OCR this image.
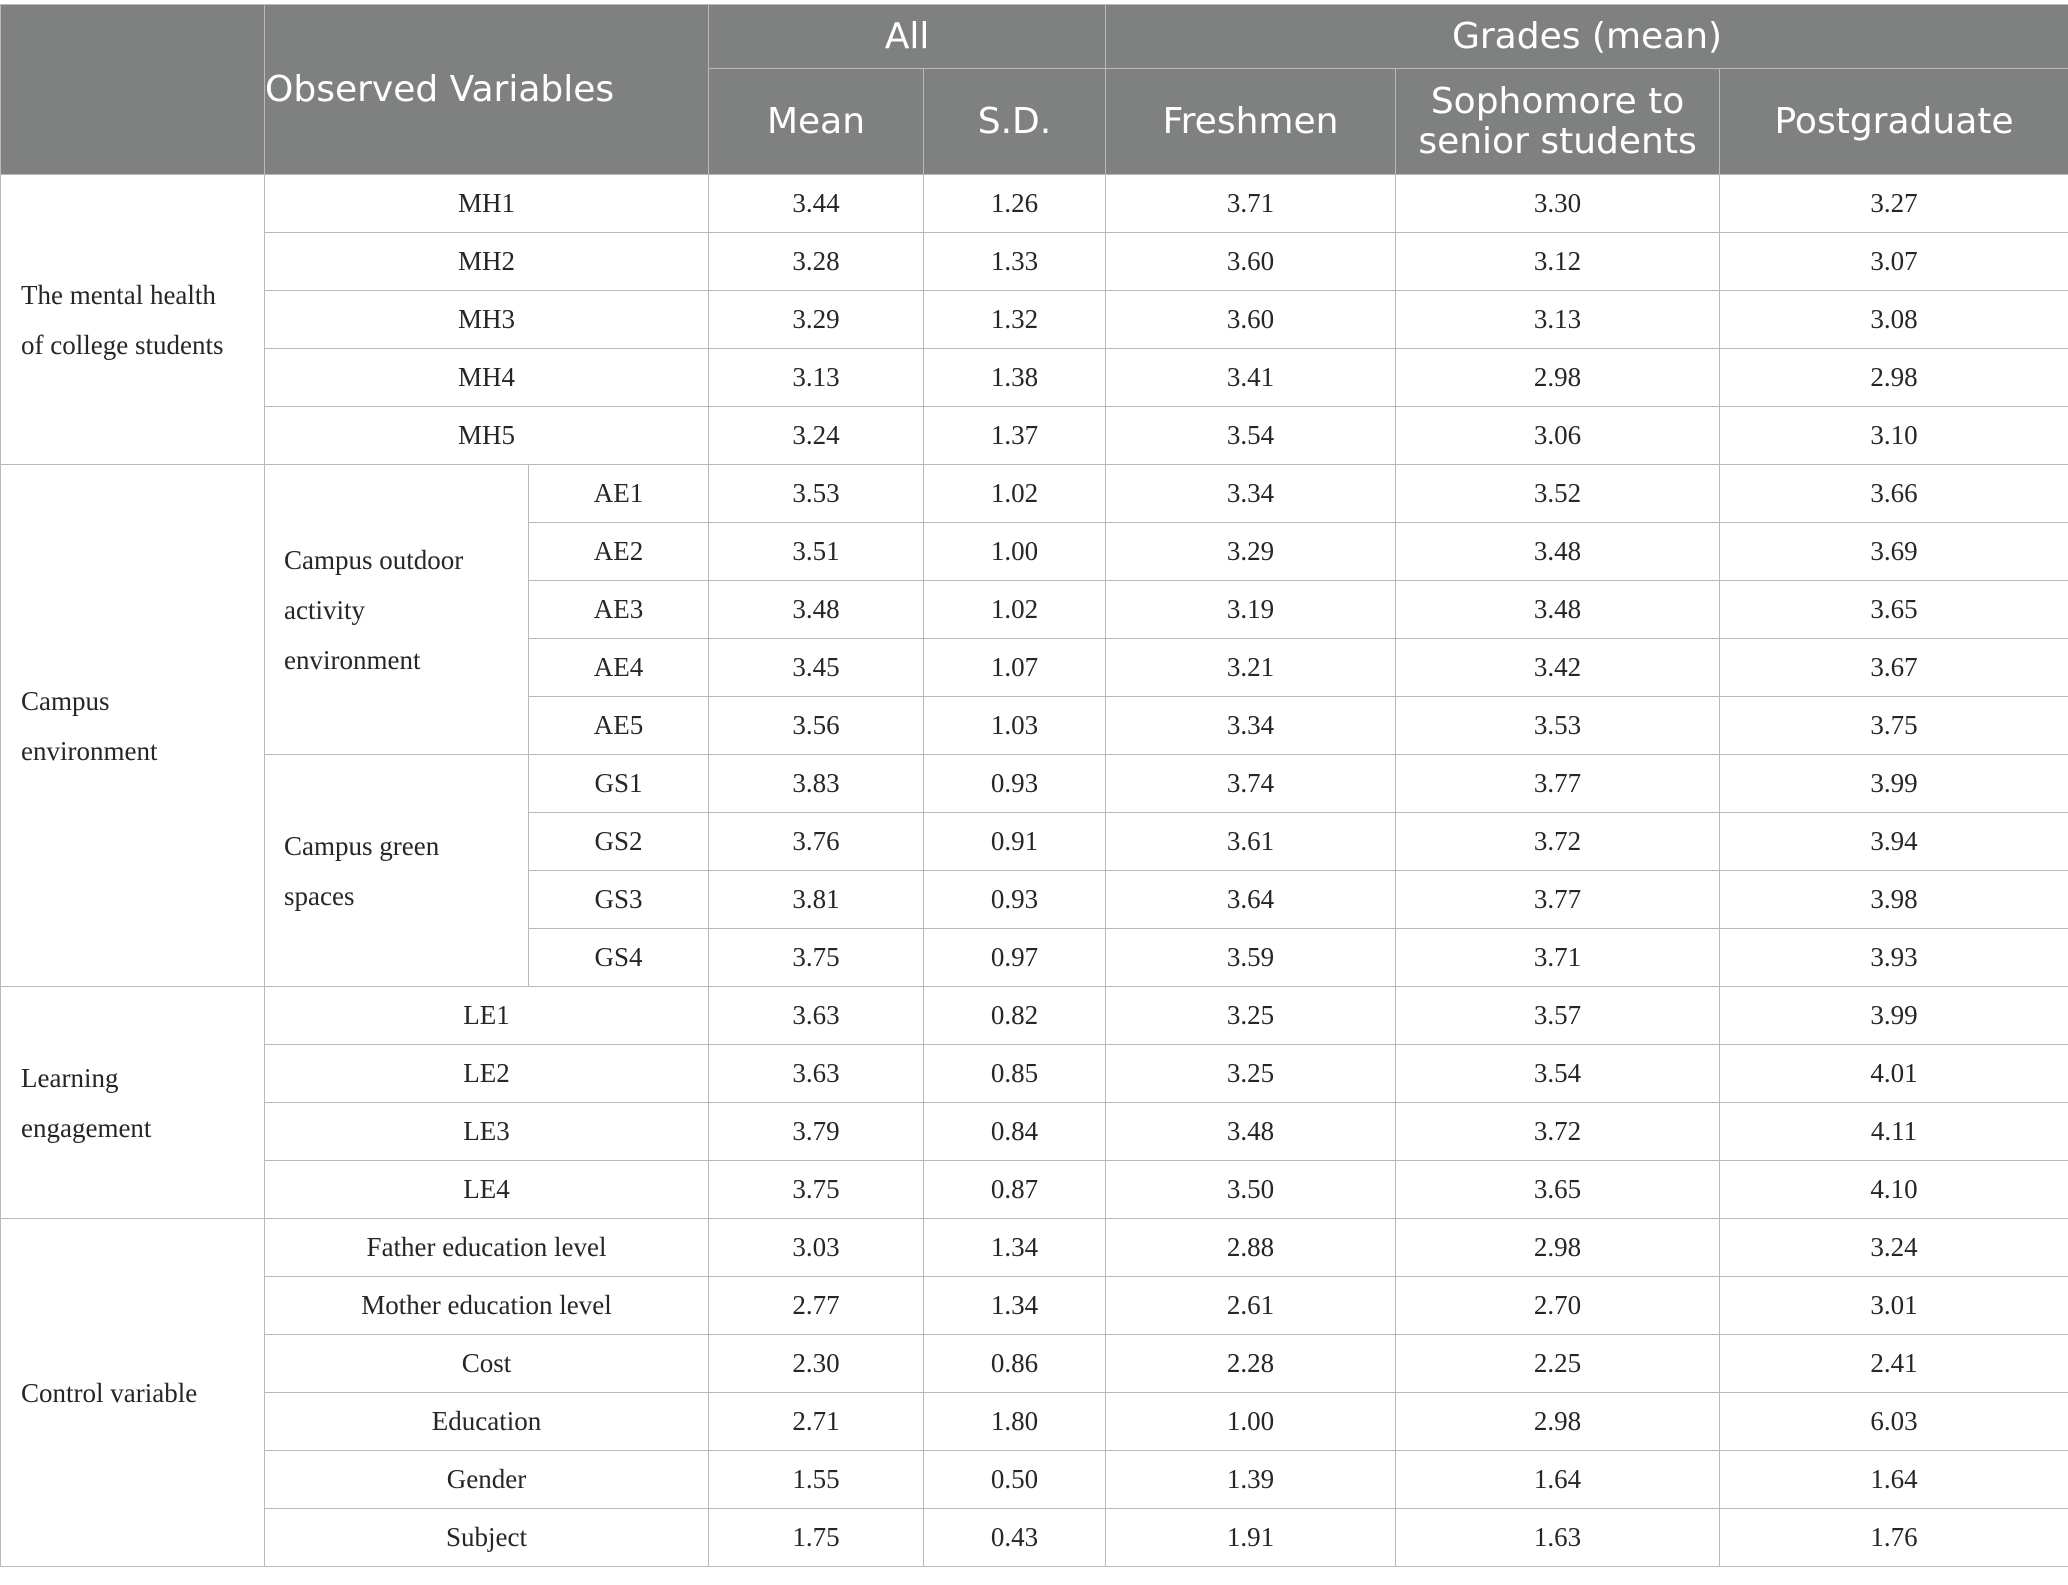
	Observed Variables		All		Grades (mean)		
			Mean	S.D.	Freshmen	Sophomore to
senior students	Postgraduate
The mental health
of college students	MH1		3.44	1.26	3.71	3.30	3.27
	MH2		3.28	1.33	3.60	3.12	3.07
	MH3		3.29	1.32	3.60	3.13	3.08
	MH4		3.13	1.38	3.41	2.98	2.98
	MH5		3.24	1.37	3.54	3.06	3.10
Campus
environment	Campus outdoor
activity
environment	AE1	3.53	1.02	3.34	3.52	3.66
		AE2	3.51	1.00	3.29	3.48	3.69
		AE3	3.48	1.02	3.19	3.48	3.65
		AE4	3.45	1.07	3.21	3.42	3.67
		AE5	3.56	1.03	3.34	3.53	3.75
	Campus green
spaces	GS1	3.83	0.93	3.74	3.77	3.99
		GS2	3.76	0.91	3.61	3.72	3.94
		GS3	3.81	0.93	3.64	3.77	3.98
		GS4	3.75	0.97	3.59	3.71	3.93
Learning
engagement	LE1		3.63	0.82	3.25	3.57	3.99
	LE2		3.63	0.85	3.25	3.54	4.01
	LE3		3.79	0.84	3.48	3.72	4.11
	LE4		3.75	0.87	3.50	3.65	4.10
Control variable	Father education level		3.03	1.34	2.88	2.98	3.24
	Mother education level		2.77	1.34	2.61	2.70	3.01
	Cost		2.30	0.86	2.28	2.25	2.41
	Education		2.71	1.80	1.00	2.98	6.03
	Gender		1.55	0.50	1.39	1.64	1.64
	Subject		1.75	0.43	1.91	1.63	1.76
